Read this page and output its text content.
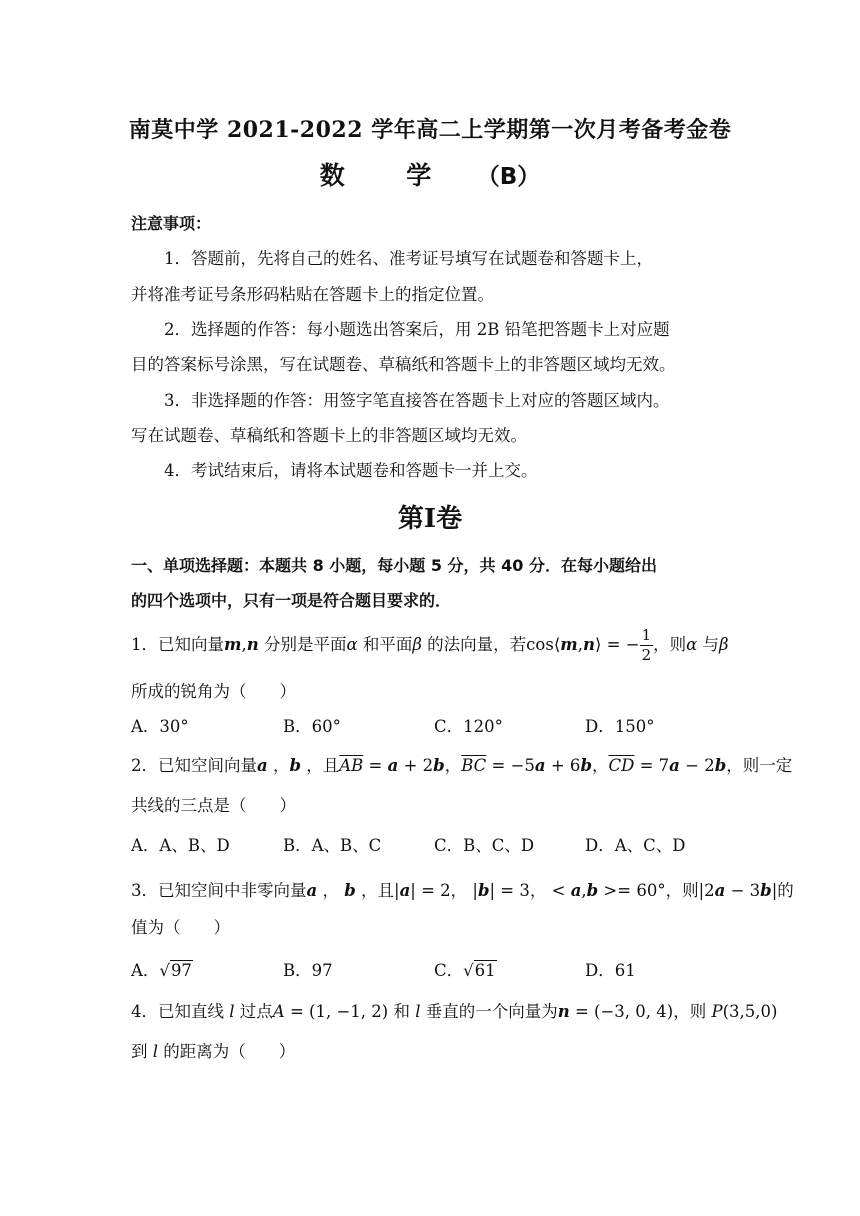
南莫中学 2021-2022 学年高二上学期第一次月考备考金卷
数 学 （B）
注意事项：
1．答题前，先将自己的姓名、准考证号填写在试题卷和答题卡上，
并将准考证号条形码粘贴在答题卡上的指定位置。
2．选择题的作答：每小题选出答案后，用 2B 铅笔把答题卡上对应题
目的答案标号涂黑，写在试题卷、草稿纸和答题卡上的非答题区域均无效。
3．非选择题的作答：用签字笔直接答在答题卡上对应的答题区域内。
写在试题卷、草稿纸和答题卡上的非答题区域均无效。
4．考试结束后，请将本试题卷和答题卡一并上交。
第Ⅰ卷
一、单项选择题：本题共 8 小题，每小题 5 分，共 40 分．在每小题给出
的四个选项中，只有一项是符合题目要求的．
1．已知向量m,n 分别是平面α 和平面β 的法向量，若cos⟨m,n⟩ = − $\frac{1}{2}$ ，则α 与β
所成的锐角为（　　）
A．30°	B．60°	C．120°	D．150°
2．已知空间向量a ，b ，且$\overline{AB} = a + 2b$，$\overline{BC} = -5a + 6b$，$\overline{CD} = 7a - 2b$，则一定
共线的三点是（　　）
A．A、B、D	B．A、B、C	C．B、C、D	D．A、C、D
3．已知空间中非零向量a ， b ，且|a| = 2， |b| = 3， < a,b >= 60°，则|2a − 3b|的
值为（　　）
A．√97	B．97	C．√61	D．61
4．已知直线 l 过点A = (1, −1, 2) 和 l 垂直的一个向量为n = (−3, 0, 4)，则 P(3,5,0)
到 l 的距离为（　　）
